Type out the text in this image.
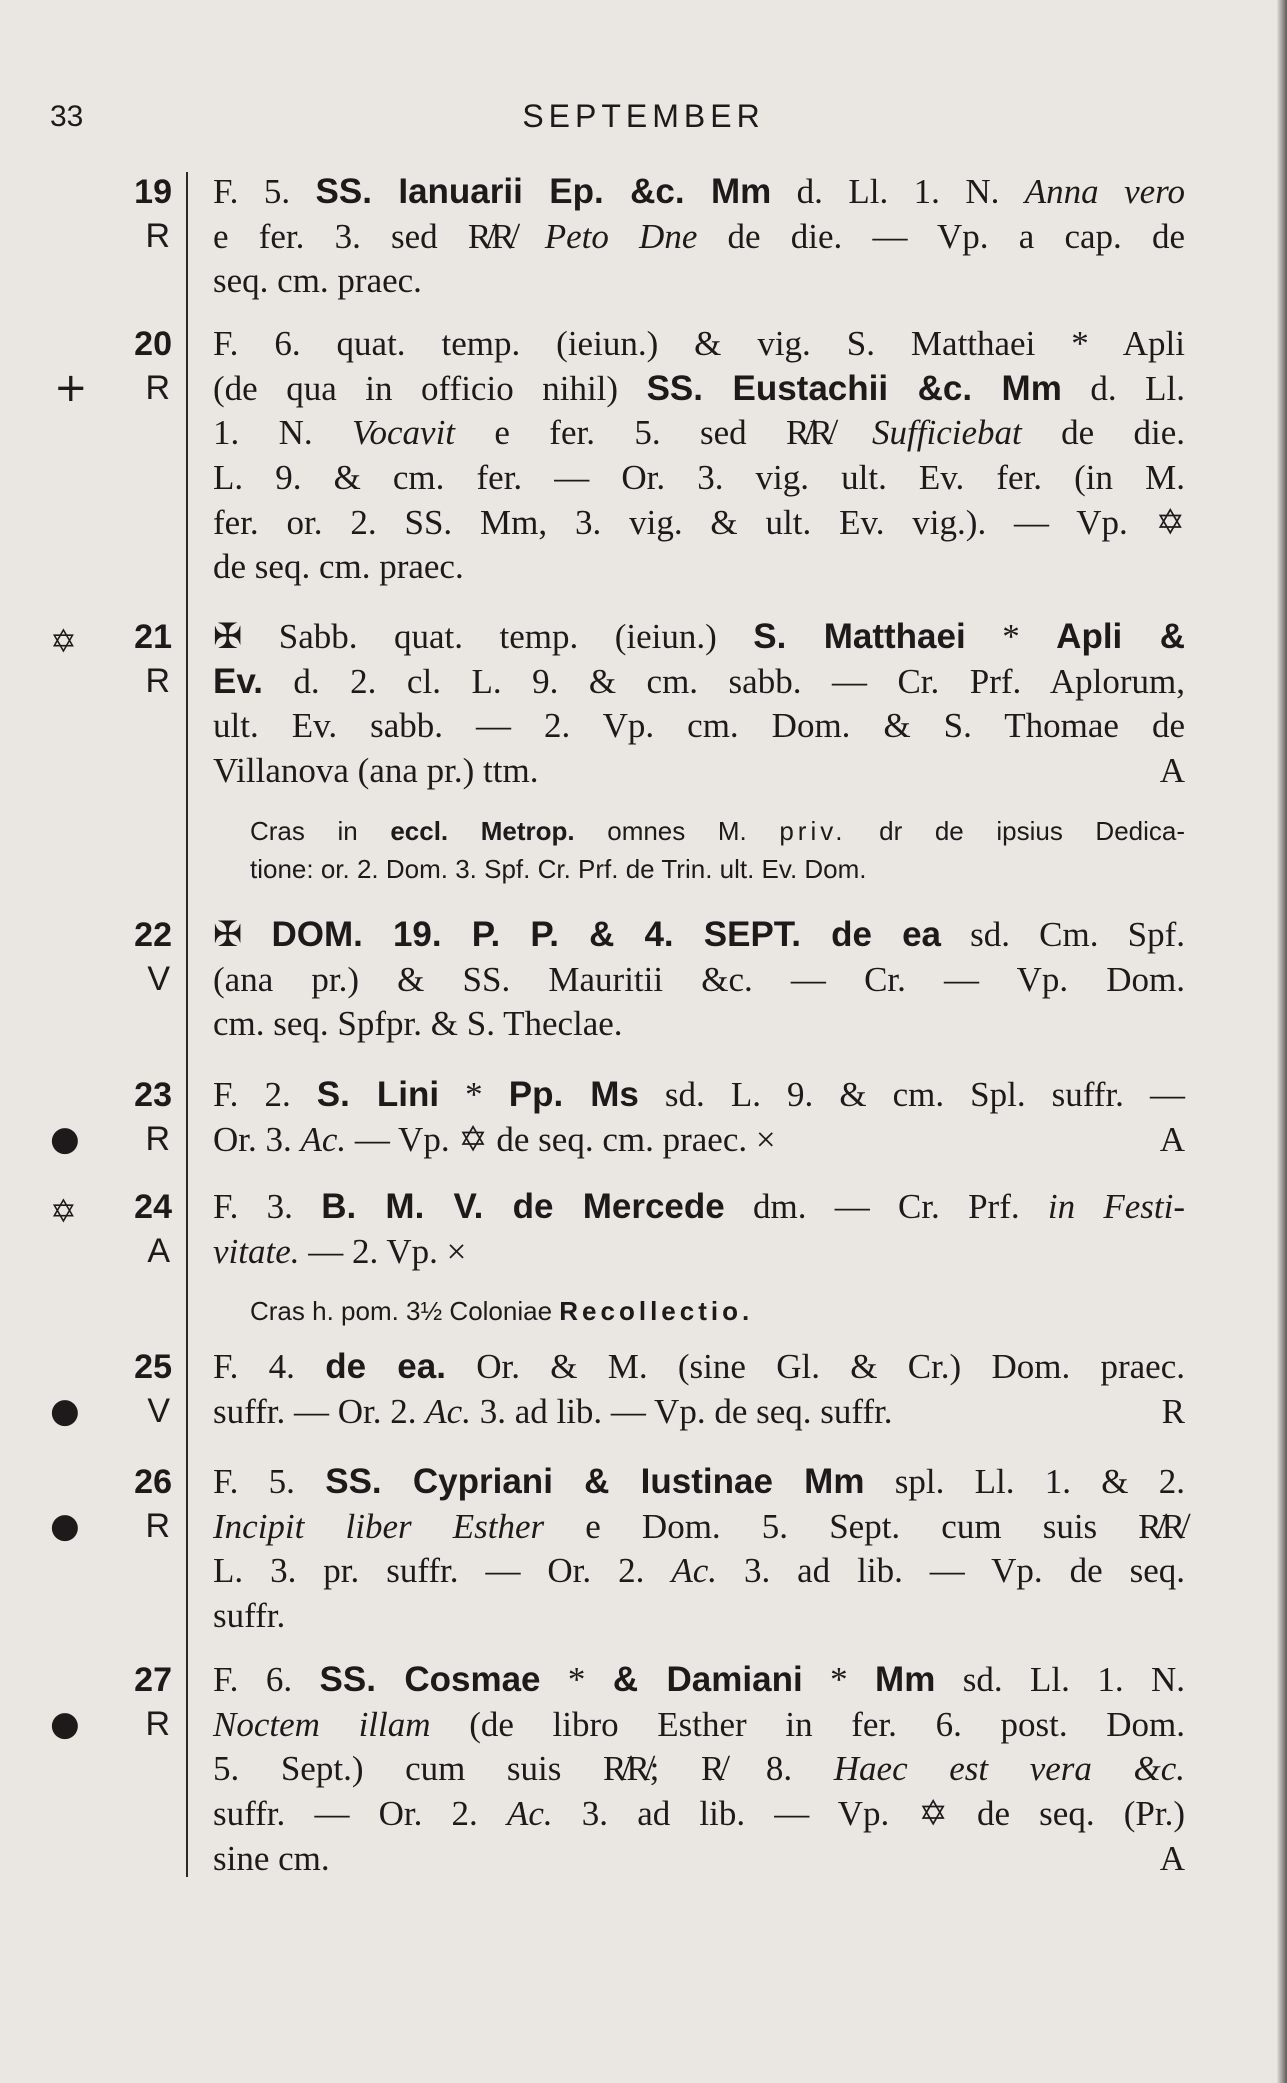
33	SEPTEMBER
19
R
F. 5. SS. Ianuarii Ep. &c. Mm d. Ll. 1. N. Anna vero
e fer. 3. sed R̸R̸ Peto Dne de die. — Vp. a cap. de
seq. cm. praec.
+
20
R
F. 6. quat. temp. (ieiun.) & vig. S. Matthaei * Apli
(de qua in officio nihil) SS. Eustachii &c. Mm d. Ll.
1. N. Vocavit e fer. 5. sed R̸R̸ Sufficiebat de die.
L. 9. & cm. fer. — Or. 3. vig. ult. Ev. fer. (in M.
fer. or. 2. SS. Mm, 3. vig. & ult. Ev. vig.). — Vp. ✡
de seq. cm. praec.
✡ 21
R
✠ Sabb. quat. temp. (ieiun.) S. Matthaei * Apli &
Ev. d. 2. cl. L. 9. & cm. sabb. — Cr. Prf. Aplorum,
ult. Ev. sabb. — 2. Vp. cm. Dom. & S. Thomae de
Villanova (ana pr.) ttm.	A
Cras in eccl. Metrop. omnes M. priv. dr de ipsius Dedica-
tione: or. 2. Dom. 3. Spf. Cr. Prf. de Trin. ult. Ev. Dom.
22
V
✠ DOM. 19. P. P. & 4. SEPT. de ea sd. Cm. Spf.
(ana pr.) & SS. Mauritii &c. — Cr. — Vp. Dom.
cm. seq. Spfpr. & S. Theclae.
●
23
R
F. 2. S. Lini * Pp. Ms sd. L. 9. & cm. Spl. suffr. —
Or. 3. Ac. — Vp. ✡ de seq. cm. praec. ×	A
✡ 24
A
F. 3. B. M. V. de Mercede dm. — Cr. Prf. in Festi-
vitate. — 2. Vp. ×
Cras h. pom. 3½ Coloniae Recollectio.
●
25
V
F. 4. de ea. Or. & M. (sine Gl. & Cr.) Dom. praec.
suffr. — Or. 2. Ac. 3. ad lib. — Vp. de seq. suffr.	R
●
26
R
F. 5. SS. Cypriani & Iustinae Mm spl. Ll. 1. & 2.
Incipit liber Esther e Dom. 5. Sept. cum suis R̸R̸
L. 3. pr. suffr. — Or. 2. Ac. 3. ad lib. — Vp. de seq.
suffr.
●
27
R
F. 6. SS. Cosmae * & Damiani * Mm sd. Ll. 1. N.
Noctem illam (de libro Esther in fer. 6. post. Dom.
5. Sept.) cum suis R̸R̸; R̸ 8. Haec est vera &c.
suffr. — Or. 2. Ac. 3. ad lib. — Vp. ✡ de seq. (Pr.)
sine cm.	A
